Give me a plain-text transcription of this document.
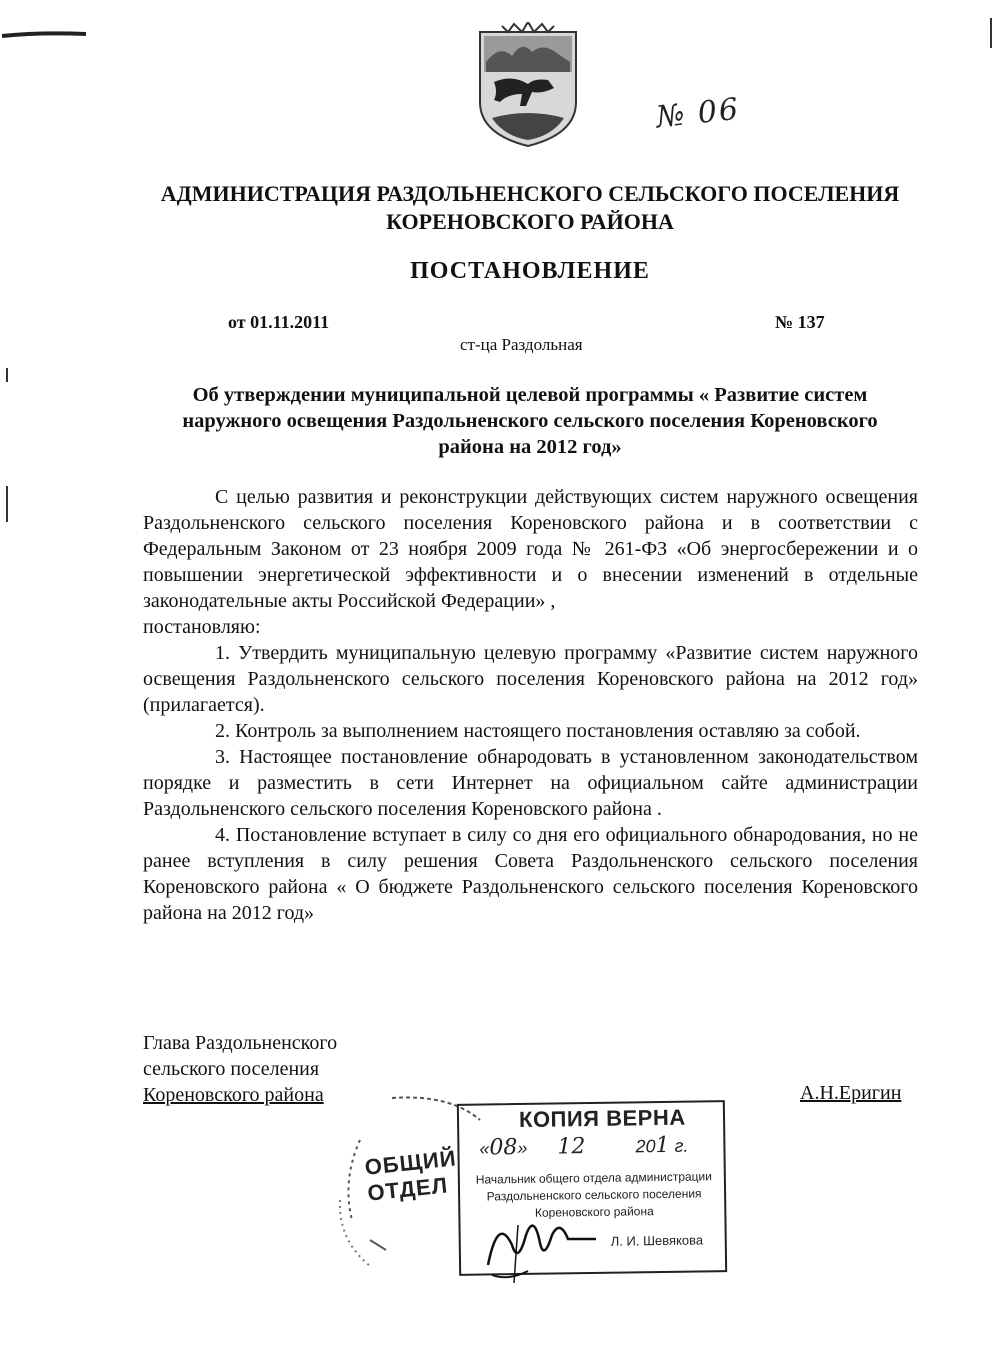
№ 06
АДМИНИСТРАЦИЯ РАЗДОЛЬНЕНСКОГО СЕЛЬСКОГО ПОСЕЛЕНИЯ
КОРЕНОВСКОГО РАЙОНА
ПОСТАНОВЛЕНИЕ
от 01.11.2011	№ 137
ст-ца Раздольная
Об утверждении муниципальной целевой программы « Развитие систем
наружного освещения Раздольненского сельского поселения Кореновского
района на 2012 год»

С целью развития и реконструкции действующих систем наружного освещения Раздольненского сельского поселения Кореновского района и в соответствии с Федеральным Законом от 23 ноября 2009 года № 261-ФЗ «Об энергосбережении и о повышении энергетической эффективности и о внесении изменений в отдельные законодательные акты Российской Федерации» ,

постановляю:

1. Утвердить муниципальную целевую программу «Развитие систем наружного освещения Раздольненского сельского поселения Кореновского района на 2012 год» (прилагается).

2. Контроль за выполнением настоящего постановления оставляю за собой.

3. Настоящее постановление обнародовать в установленном законодательством порядке и разместить в сети Интернет на официальном сайте администрации Раздольненского сельского поселения Кореновского района .

4. Постановление вступает в силу со дня его официального обнародования, но не ранее вступления в силу решения Совета Раздольненского сельского поселения Кореновского района « О бюджете Раздольненского сельского поселения Кореновского района на 2012 год»

Глава Раздольненского
сельского поселения
Кореновского района	А.Н.Еригин
ОБЩИЙ
ОТДЕЛ
КОПИЯ ВЕРНА
«08»  12	201 г.
Начальник общего отдела администрации
Раздольненского сельского поселения
Кореновского района
Л. И. Шевякова
